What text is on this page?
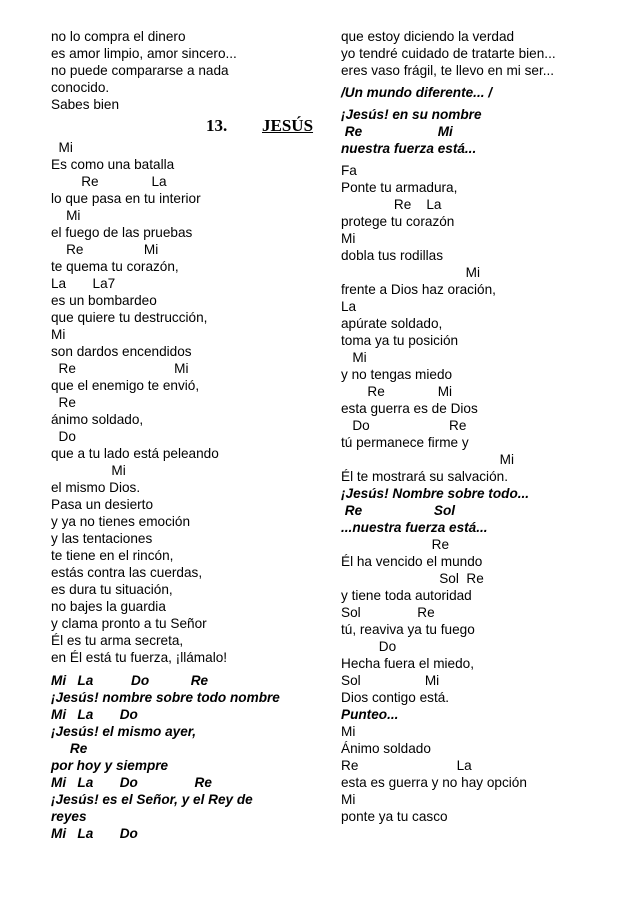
no lo compra el dinero
es amor limpio, amor sincero...
no puede compararse a nada
conocido.
Sabes bien
13. JESÚS
Mi
Es como una batalla
Re              La
lo que pasa en tu interior
Mi
el fuego de las pruebas
Re                Mi
te quema tu corazón,
La       La7
es un bombardeo
que quiere tu destrucción,
Mi
son dardos encendidos
Re                          Mi
que el enemigo te envió,
Re
ánimo soldado,
Do
que a tu lado está peleando
Mi
el mismo Dios.
Pasa un desierto
y ya no tienes emoción
y las tentaciones
te tiene en el rincón,
estás contra las cuerdas,
es dura tu situación,
no bajes la guardia
y clama pronto a tu Señor
Él es tu arma secreta,
en Él está tu fuerza, ¡llámalo!
Mi   La          Do           Re
¡Jesús! nombre sobre todo nombre
Mi   La       Do
¡Jesús! el mismo ayer,
Re
por hoy y siempre
Mi   La       Do               Re
¡Jesús! es el Señor, y el Rey de
reyes
Mi   La       Do
que estoy diciendo la verdad
yo tendré cuidado de tratarte bien...
eres vaso frágil, te llevo en mi ser...
/Un mundo diferente... /
¡Jesús! en su nombre
Re                    Mi
nuestra fuerza está...
Fa
Ponte tu armadura,
Re    La
protege tu corazón
Mi
dobla tus rodillas
Mi
frente a Dios haz oración,
La
apúrate soldado,
toma ya tu posición
Mi
y no tengas miedo
Re              Mi
esta guerra es de Dios
Do                     Re
tú permanece firme y
Mi
Él te mostrará su salvación.
¡Jesús! Nombre sobre todo...
Re                   Sol
...nuestra fuerza está...
Re
Él ha vencido el mundo
Sol  Re
y tiene toda autoridad
Sol               Re
tú, reaviva ya tu fuego
Do
Hecha fuera el miedo,
Sol                 Mi
Dios contigo está.
Punteo...
Mi
Ánimo soldado
Re                          La
esta es guerra y no hay opción
Mi
ponte ya tu casco
